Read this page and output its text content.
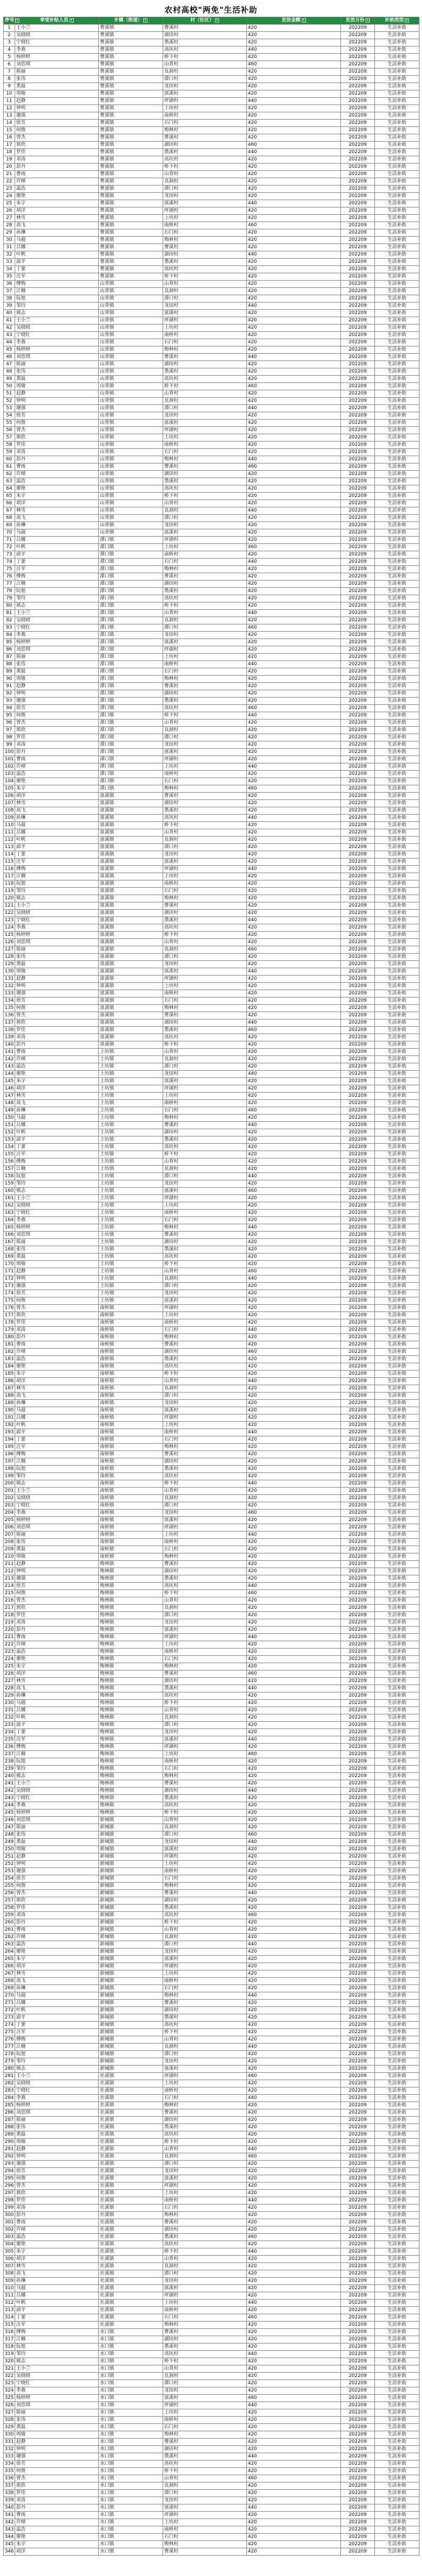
农村高校"两免"生活补助
序号 ▾	享受补贴人员 ▾	乡镇（街道） ▾	村（社区） ▾	发放金额 ▾	发放月份 ▾	补助类型 ▾
1	王小兰	曹溪镇	曹溪村	420	202209	生活补助
2	吴晓晓	曹溪镇	湖田村	420	202209	生活补助
3	宁晓红	曹溪镇	墨溪村	420	202209	生活补助
4	李燕	曹溪镇	高坑村	440	202209	生活补助
5	杨婷婷	曹溪镇	桥下村	420	202209	生活补助
6	刘思琪	曹溪镇	山背村	460	202209	生活补助
7	陈丽	曹溪镇	良洞村	420	202209	生活补助
8	张伟	曹溪镇	潭口村	420	202209	生活补助
9	黄磊	曹溪镇	龙田村	420	202209	生活补助
10	周敏	曹溪镇	富溪村	420	202209	生活补助
11	赵静	曹溪镇	坪湖村	440	202209	生活补助
12	钟明	曹溪镇	上坊村	420	202209	生活补助
13	谢强	曹溪镇	南桥村	420	202209	生活补助
14	徐芳	曹溪镇	石门村	420	202209	生活补助
15	何俊	曹溪镇	梅林村	420	202209	生活补助
16	曾杰	曹溪镇	曹溪村	420	202209	生活补助
17	郭欣	曹溪镇	湖田村	460	202209	生活补助
18	罗佳	曹溪镇	墨溪村	440	202209	生活补助
19	邓涛	曹溪镇	高坑村	420	202209	生活补助
20	彭丹	曹溪镇	桥下村	420	202209	生活补助
21	曹雨	曹溪镇	山背村	420	202209	生活补助
22	许晴	曹溪镇	良洞村	420	202209	生活补助
23	温浩	曹溪镇	潭口村	420	202209	生活补助
24	廖艳	曹溪镇	龙田村	420	202209	生活补助
25	朱宇	曹溪镇	富溪村	440	202209	生活补助
26	胡洋	曹溪镇	坪湖村	420	202209	生活补助
27	林雪	曹溪镇	上坊村	420	202209	生活补助
28	高飞	曹溪镇	南桥村	460	202209	生活补助
29	孙琳	曹溪镇	石门村	420	202209	生活补助
30	马超	曹溪镇	梅林村	420	202209	生活补助
31	吕娜	曹溪镇	曹溪村	420	202209	生活补助
32	叶帆	曹溪镇	湖田村	440	202209	生活补助
33	邱平	曹溪镇	墨溪村	420	202209	生活补助
34	丁蕾	曹溪镇	高坑村	420	202209	生活补助
35	汪军	曹溪镇	桥下村	420	202209	生活补助
36	傅梅	山背镇	山背村	420	202209	生活补助
37	江楠	山背镇	良洞村	420	202209	生活补助
38	阮旭	山背镇	潭口村	420	202209	生活补助
39	邹玲	山背镇	龙田村	440	202209	生活补助
40	熊志	山背镇	富溪村	420	202209	生活补助
41	王小兰	山背镇	坪湖村	420	202209	生活补助
42	吴晓晓	山背镇	上坊村	420	202209	生活补助
43	宁晓红	山背镇	南桥村	420	202209	生活补助
44	李燕	山背镇	石门村	420	202209	生活补助
45	杨婷婷	山背镇	梅林村	420	202209	生活补助
46	刘思琪	山背镇	曹溪村	440	202209	生活补助
47	陈丽	山背镇	湖田村	420	202209	生活补助
48	张伟	山背镇	墨溪村	420	202209	生活补助
49	黄磊	山背镇	高坑村	420	202209	生活补助
50	周敏	山背镇	桥下村	460	202209	生活补助
51	赵静	山背镇	山背村	420	202209	生活补助
52	钟明	山背镇	良洞村	420	202209	生活补助
53	谢强	山背镇	潭口村	440	202209	生活补助
54	徐芳	山背镇	龙田村	420	202209	生活补助
55	何俊	山背镇	富溪村	420	202209	生活补助
56	曾杰	山背镇	坪湖村	420	202209	生活补助
57	郭欣	山背镇	上坊村	420	202209	生活补助
58	罗佳	山背镇	南桥村	420	202209	生活补助
59	邓涛	山背镇	石门村	420	202209	生活补助
60	彭丹	山背镇	梅林村	440	202209	生活补助
61	曹雨	山背镇	曹溪村	460	202209	生活补助
62	许晴	山背镇	湖田村	420	202209	生活补助
63	温浩	山背镇	墨溪村	420	202209	生活补助
64	廖艳	山背镇	高坑村	420	202209	生活补助
65	朱宇	山背镇	桥下村	420	202209	生活补助
66	胡洋	山背镇	山背村	420	202209	生活补助
67	林雪	山背镇	良洞村	440	202209	生活补助
68	高飞	山背镇	潭口村	420	202209	生活补助
69	孙琳	山背镇	龙田村	420	202209	生活补助
70	马超	山背镇	富溪村	420	202209	生活补助
71	吕娜	潭口镇	坪湖村	420	202209	生活补助
72	叶帆	潭口镇	上坊村	460	202209	生活补助
73	邱平	潭口镇	南桥村	420	202209	生活补助
74	丁蕾	潭口镇	石门村	440	202209	生活补助
75	汪军	潭口镇	梅林村	420	202209	生活补助
76	傅梅	潭口镇	曹溪村	420	202209	生活补助
77	江楠	潭口镇	湖田村	420	202209	生活补助
78	阮旭	潭口镇	墨溪村	420	202209	生活补助
79	邹玲	潭口镇	高坑村	420	202209	生活补助
80	熊志	潭口镇	桥下村	420	202209	生活补助
81	王小兰	潭口镇	山背村	440	202209	生活补助
82	吴晓晓	潭口镇	良洞村	420	202209	生活补助
83	宁晓红	潭口镇	潭口村	460	202209	生活补助
84	李燕	潭口镇	龙田村	420	202209	生活补助
85	杨婷婷	潭口镇	富溪村	420	202209	生活补助
86	刘思琪	潭口镇	坪湖村	420	202209	生活补助
87	陈丽	潭口镇	上坊村	420	202209	生活补助
88	张伟	潭口镇	南桥村	440	202209	生活补助
89	黄磊	潭口镇	石门村	420	202209	生活补助
90	周敏	潭口镇	梅林村	420	202209	生活补助
91	赵静	潭口镇	曹溪村	420	202209	生活补助
92	钟明	潭口镇	湖田村	420	202209	生活补助
93	谢强	潭口镇	墨溪村	420	202209	生活补助
94	徐芳	潭口镇	高坑村	460	202209	生活补助
95	何俊	潭口镇	桥下村	440	202209	生活补助
96	曾杰	潭口镇	山背村	420	202209	生活补助
97	郭欣	潭口镇	良洞村	420	202209	生活补助
98	罗佳	潭口镇	潭口村	420	202209	生活补助
99	邓涛	潭口镇	龙田村	420	202209	生活补助
100	彭丹	潭口镇	富溪村	420	202209	生活补助
101	曹雨	潭口镇	坪湖村	420	202209	生活补助
102	许晴	潭口镇	上坊村	440	202209	生活补助
103	温浩	潭口镇	南桥村	420	202209	生活补助
104	廖艳	潭口镇	石门村	420	202209	生活补助
105	朱宇	潭口镇	梅林村	460	202209	生活补助
106	胡洋	富溪镇	曹溪村	420	202209	生活补助
107	林雪	富溪镇	湖田村	420	202209	生活补助
108	高飞	富溪镇	墨溪村	420	202209	生活补助
109	孙琳	富溪镇	高坑村	440	202209	生活补助
110	马超	富溪镇	桥下村	420	202209	生活补助
111	吕娜	富溪镇	山背村	420	202209	生活补助
112	叶帆	富溪镇	良洞村	420	202209	生活补助
113	邱平	富溪镇	潭口村	420	202209	生活补助
114	丁蕾	富溪镇	龙田村	420	202209	生活补助
115	汪军	富溪镇	富溪村	420	202209	生活补助
116	傅梅	富溪镇	坪湖村	440	202209	生活补助
117	江楠	富溪镇	上坊村	420	202209	生活补助
118	阮旭	富溪镇	南桥村	420	202209	生活补助
119	邹玲	富溪镇	石门村	420	202209	生活补助
120	熊志	富溪镇	梅林村	420	202209	生活补助
121	王小兰	富溪镇	曹溪村	420	202209	生活补助
122	吴晓晓	富溪镇	湖田村	420	202209	生活补助
123	宁晓红	富溪镇	墨溪村	440	202209	生活补助
124	李燕	富溪镇	高坑村	420	202209	生活补助
125	杨婷婷	富溪镇	桥下村	420	202209	生活补助
126	刘思琪	富溪镇	山背村	420	202209	生活补助
127	陈丽	富溪镇	良洞村	460	202209	生活补助
128	张伟	富溪镇	潭口村	420	202209	生活补助
129	黄磊	富溪镇	龙田村	420	202209	生活补助
130	周敏	富溪镇	富溪村	440	202209	生活补助
131	赵静	富溪镇	坪湖村	420	202209	生活补助
132	钟明	富溪镇	上坊村	420	202209	生活补助
133	谢强	富溪镇	南桥村	420	202209	生活补助
134	徐芳	富溪镇	石门村	420	202209	生活补助
135	何俊	富溪镇	梅林村	420	202209	生活补助
136	曾杰	富溪镇	曹溪村	420	202209	生活补助
137	郭欣	富溪镇	湖田村	440	202209	生活补助
138	罗佳	富溪镇	墨溪村	460	202209	生活补助
139	邓涛	富溪镇	高坑村	420	202209	生活补助
140	彭丹	富溪镇	桥下村	420	202209	生活补助
141	曹雨	上坊镇	山背村	420	202209	生活补助
142	许晴	上坊镇	良洞村	420	202209	生活补助
143	温浩	上坊镇	潭口村	420	202209	生活补助
144	廖艳	上坊镇	龙田村	440	202209	生活补助
145	朱宇	上坊镇	富溪村	420	202209	生活补助
146	胡洋	上坊镇	坪湖村	420	202209	生活补助
147	林雪	上坊镇	上坊村	420	202209	生活补助
148	高飞	上坊镇	南桥村	420	202209	生活补助
149	孙琳	上坊镇	石门村	460	202209	生活补助
150	马超	上坊镇	梅林村	420	202209	生活补助
151	吕娜	上坊镇	曹溪村	440	202209	生活补助
152	叶帆	上坊镇	湖田村	420	202209	生活补助
153	邱平	上坊镇	墨溪村	420	202209	生活补助
154	丁蕾	上坊镇	高坑村	420	202209	生活补助
155	汪军	上坊镇	桥下村	420	202209	生活补助
156	傅梅	上坊镇	山背村	420	202209	生活补助
157	江楠	上坊镇	良洞村	420	202209	生活补助
158	阮旭	上坊镇	潭口村	440	202209	生活补助
159	邹玲	上坊镇	龙田村	420	202209	生活补助
160	熊志	上坊镇	富溪村	460	202209	生活补助
161	王小兰	上坊镇	坪湖村	420	202209	生活补助
162	吴晓晓	上坊镇	上坊村	420	202209	生活补助
163	宁晓红	上坊镇	南桥村	420	202209	生活补助
164	李燕	上坊镇	石门村	420	202209	生活补助
165	杨婷婷	上坊镇	梅林村	440	202209	生活补助
166	刘思琪	上坊镇	曹溪村	420	202209	生活补助
167	陈丽	上坊镇	湖田村	420	202209	生活补助
168	张伟	上坊镇	墨溪村	420	202209	生活补助
169	黄磊	上坊镇	高坑村	420	202209	生活补助
170	周敏	上坊镇	桥下村	420	202209	生活补助
171	赵静	上坊镇	山背村	460	202209	生活补助
172	钟明	上坊镇	良洞村	440	202209	生活补助
173	谢强	上坊镇	潭口村	420	202209	生活补助
174	徐芳	上坊镇	龙田村	420	202209	生活补助
175	何俊	上坊镇	富溪村	420	202209	生活补助
176	曾杰	南桥镇	坪湖村	420	202209	生活补助
177	郭欣	南桥镇	上坊村	420	202209	生活补助
178	罗佳	南桥镇	南桥村	420	202209	生活补助
179	邓涛	南桥镇	石门村	440	202209	生活补助
180	彭丹	南桥镇	梅林村	420	202209	生活补助
181	曹雨	南桥镇	曹溪村	420	202209	生活补助
182	许晴	南桥镇	湖田村	460	202209	生活补助
183	温浩	南桥镇	墨溪村	420	202209	生活补助
184	廖艳	南桥镇	高坑村	420	202209	生活补助
185	朱宇	南桥镇	桥下村	420	202209	生活补助
186	胡洋	南桥镇	山背村	440	202209	生活补助
187	林雪	南桥镇	良洞村	420	202209	生活补助
188	高飞	南桥镇	潭口村	420	202209	生活补助
189	孙琳	南桥镇	龙田村	420	202209	生活补助
190	马超	南桥镇	富溪村	420	202209	生活补助
191	吕娜	南桥镇	坪湖村	420	202209	生活补助
192	叶帆	南桥镇	上坊村	420	202209	生活补助
193	邱平	南桥镇	南桥村	440	202209	生活补助
194	丁蕾	南桥镇	石门村	420	202209	生活补助
195	汪军	南桥镇	梅林村	420	202209	生活补助
196	傅梅	南桥镇	曹溪村	420	202209	生活补助
197	江楠	南桥镇	湖田村	420	202209	生活补助
198	阮旭	南桥镇	墨溪村	420	202209	生活补助
199	邹玲	南桥镇	高坑村	420	202209	生活补助
200	熊志	南桥镇	桥下村	440	202209	生活补助
201	王小兰	南桥镇	山背村	420	202209	生活补助
202	吴晓晓	南桥镇	良洞村	420	202209	生活补助
203	宁晓红	南桥镇	潭口村	420	202209	生活补助
204	李燕	南桥镇	龙田村	460	202209	生活补助
205	杨婷婷	南桥镇	富溪村	420	202209	生活补助
206	刘思琪	南桥镇	坪湖村	420	202209	生活补助
207	陈丽	南桥镇	上坊村	440	202209	生活补助
208	张伟	南桥镇	南桥村	420	202209	生活补助
209	黄磊	南桥镇	石门村	420	202209	生活补助
210	周敏	南桥镇	梅林村	420	202209	生活补助
211	赵静	梅林镇	曹溪村	420	202209	生活补助
212	钟明	梅林镇	湖田村	420	202209	生活补助
213	谢强	梅林镇	墨溪村	420	202209	生活补助
214	徐芳	梅林镇	高坑村	440	202209	生活补助
215	何俊	梅林镇	桥下村	460	202209	生活补助
216	曾杰	梅林镇	山背村	420	202209	生活补助
217	郭欣	梅林镇	良洞村	420	202209	生活补助
218	罗佳	梅林镇	潭口村	420	202209	生活补助
219	邓涛	梅林镇	龙田村	420	202209	生活补助
220	彭丹	梅林镇	富溪村	420	202209	生活补助
221	曹雨	梅林镇	坪湖村	440	202209	生活补助
222	许晴	梅林镇	上坊村	420	202209	生活补助
223	温浩	梅林镇	南桥村	420	202209	生活补助
224	廖艳	梅林镇	石门村	420	202209	生活补助
225	朱宇	梅林镇	梅林村	420	202209	生活补助
226	胡洋	梅林镇	曹溪村	460	202209	生活补助
227	林雪	梅林镇	湖田村	420	202209	生活补助
228	高飞	梅林镇	墨溪村	440	202209	生活补助
229	孙琳	梅林镇	高坑村	420	202209	生活补助
230	马超	梅林镇	桥下村	420	202209	生活补助
231	吕娜	梅林镇	山背村	420	202209	生活补助
232	叶帆	梅林镇	良洞村	420	202209	生活补助
233	邱平	梅林镇	潭口村	420	202209	生活补助
234	丁蕾	梅林镇	龙田村	420	202209	生活补助
235	汪军	梅林镇	富溪村	440	202209	生活补助
236	傅梅	梅林镇	坪湖村	420	202209	生活补助
237	江楠	梅林镇	上坊村	460	202209	生活补助
238	阮旭	梅林镇	南桥村	420	202209	生活补助
239	邹玲	梅林镇	石门村	420	202209	生活补助
240	熊志	梅林镇	梅林村	420	202209	生活补助
241	王小兰	梅林镇	曹溪村	420	202209	生活补助
242	吴晓晓	梅林镇	湖田村	440	202209	生活补助
243	宁晓红	梅林镇	墨溪村	420	202209	生活补助
244	李燕	梅林镇	高坑村	420	202209	生活补助
245	杨婷婷	梅林镇	桥下村	420	202209	生活补助
246	刘思琪	新城镇	山背村	420	202209	生活补助
247	陈丽	新城镇	良洞村	420	202209	生活补助
248	张伟	新城镇	潭口村	460	202209	生活补助
249	黄磊	新城镇	龙田村	440	202209	生活补助
250	周敏	新城镇	富溪村	420	202209	生活补助
251	赵静	新城镇	坪湖村	420	202209	生活补助
252	钟明	新城镇	上坊村	420	202209	生活补助
253	谢强	新城镇	南桥村	420	202209	生活补助
254	徐芳	新城镇	石门村	420	202209	生活补助
255	何俊	新城镇	梅林村	420	202209	生活补助
256	曾杰	新城镇	曹溪村	440	202209	生活补助
257	郭欣	新城镇	湖田村	420	202209	生活补助
258	罗佳	新城镇	墨溪村	420	202209	生活补助
259	邓涛	新城镇	高坑村	460	202209	生活补助
260	彭丹	新城镇	桥下村	420	202209	生活补助
261	曹雨	新城镇	山背村	420	202209	生活补助
262	许晴	新城镇	良洞村	420	202209	生活补助
263	温浩	新城镇	潭口村	440	202209	生活补助
264	廖艳	新城镇	龙田村	420	202209	生活补助
265	朱宇	新城镇	富溪村	420	202209	生活补助
266	胡洋	新城镇	坪湖村	420	202209	生活补助
267	林雪	新城镇	上坊村	420	202209	生活补助
268	高飞	新城镇	南桥村	420	202209	生活补助
269	孙琳	新城镇	石门村	420	202209	生活补助
270	马超	新城镇	梅林村	440	202209	生活补助
271	吕娜	新城镇	曹溪村	420	202209	生活补助
272	叶帆	新城镇	湖田村	420	202209	生活补助
273	邱平	新城镇	墨溪村	420	202209	生活补助
274	丁蕾	新城镇	高坑村	420	202209	生活补助
275	汪军	新城镇	桥下村	420	202209	生活补助
276	傅梅	新城镇	山背村	420	202209	生活补助
277	江楠	新城镇	良洞村	440	202209	生活补助
278	阮旭	新城镇	潭口村	420	202209	生活补助
279	邹玲	新城镇	龙田村	420	202209	生活补助
280	熊志	新城镇	富溪村	420	202209	生活补助
281	王小兰	社溪镇	坪湖村	460	202209	生活补助
282	吴晓晓	社溪镇	上坊村	420	202209	生活补助
283	宁晓红	社溪镇	南桥村	420	202209	生活补助
284	李燕	社溪镇	石门村	440	202209	生活补助
285	杨婷婷	社溪镇	梅林村	420	202209	生活补助
286	刘思琪	社溪镇	曹溪村	420	202209	生活补助
287	陈丽	社溪镇	湖田村	420	202209	生活补助
288	张伟	社溪镇	墨溪村	420	202209	生活补助
289	黄磊	社溪镇	高坑村	420	202209	生活补助
290	周敏	社溪镇	桥下村	420	202209	生活补助
291	赵静	社溪镇	山背村	440	202209	生活补助
292	钟明	社溪镇	良洞村	460	202209	生活补助
293	谢强	社溪镇	潭口村	420	202209	生活补助
294	徐芳	社溪镇	龙田村	420	202209	生活补助
295	何俊	社溪镇	富溪村	420	202209	生活补助
296	曾杰	社溪镇	坪湖村	420	202209	生活补助
297	郭欣	社溪镇	上坊村	420	202209	生活补助
298	罗佳	社溪镇	南桥村	440	202209	生活补助
299	邓涛	社溪镇	石门村	420	202209	生活补助
300	彭丹	社溪镇	梅林村	420	202209	生活补助
301	曹雨	社溪镇	曹溪村	420	202209	生活补助
302	许晴	社溪镇	湖田村	420	202209	生活补助
303	温浩	社溪镇	墨溪村	460	202209	生活补助
304	廖艳	社溪镇	高坑村	420	202209	生活补助
305	朱宇	社溪镇	桥下村	440	202209	生活补助
306	胡洋	社溪镇	山背村	420	202209	生活补助
307	林雪	社溪镇	良洞村	420	202209	生活补助
308	高飞	社溪镇	潭口村	420	202209	生活补助
309	孙琳	社溪镇	龙田村	420	202209	生活补助
310	马超	社溪镇	富溪村	420	202209	生活补助
311	吕娜	社溪镇	坪湖村	420	202209	生活补助
312	叶帆	社溪镇	上坊村	440	202209	生活补助
313	邱平	社溪镇	南桥村	420	202209	生活补助
314	丁蕾	社溪镇	石门村	460	202209	生活补助
315	汪军	社溪镇	梅林村	420	202209	生活补助
316	傅梅	水口镇	曹溪村	420	202209	生活补助
317	江楠	水口镇	湖田村	420	202209	生活补助
318	阮旭	水口镇	墨溪村	420	202209	生活补助
319	邹玲	水口镇	高坑村	440	202209	生活补助
320	熊志	水口镇	桥下村	420	202209	生活补助
321	王小兰	水口镇	山背村	420	202209	生活补助
322	吴晓晓	水口镇	良洞村	420	202209	生活补助
323	宁晓红	水口镇	潭口村	420	202209	生活补助
324	李燕	水口镇	龙田村	420	202209	生活补助
325	杨婷婷	水口镇	富溪村	460	202209	生活补助
326	刘思琪	水口镇	坪湖村	440	202209	生活补助
327	陈丽	水口镇	上坊村	420	202209	生活补助
328	张伟	水口镇	南桥村	420	202209	生活补助
329	黄磊	水口镇	石门村	420	202209	生活补助
330	周敏	水口镇	梅林村	420	202209	生活补助
331	赵静	水口镇	曹溪村	420	202209	生活补助
332	钟明	水口镇	湖田村	420	202209	生活补助
333	谢强	水口镇	墨溪村	440	202209	生活补助
334	徐芳	水口镇	高坑村	420	202209	生活补助
335	何俊	水口镇	桥下村	420	202209	生活补助
336	曾杰	水口镇	山背村	460	202209	生活补助
337	郭欣	水口镇	良洞村	420	202209	生活补助
338	罗佳	水口镇	潭口村	420	202209	生活补助
339	邓涛	水口镇	龙田村	420	202209	生活补助
340	彭丹	水口镇	富溪村	440	202209	生活补助
341	曹雨	水口镇	坪湖村	420	202209	生活补助
342	许晴	水口镇	上坊村	420	202209	生活补助
343	温浩	水口镇	南桥村	420	202209	生活补助
344	廖艳	水口镇	石门村	420	202209	生活补助
345	朱宇	水口镇	梅林村	420	202209	生活补助
346	胡洋	水口镇	曹溪村	420	202209	生活补助
